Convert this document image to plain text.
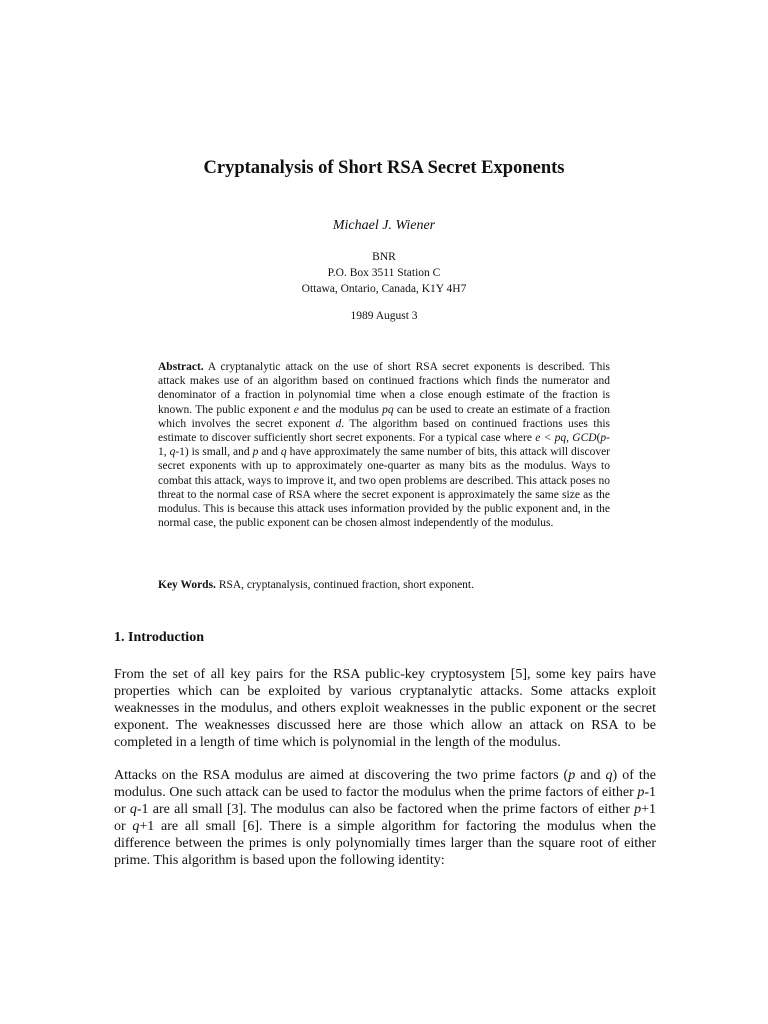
Cryptanalysis of Short RSA Secret Exponents
Michael J. Wiener
BNR
P.O. Box 3511 Station C
Ottawa, Ontario, Canada, K1Y 4H7
1989 August 3
Abstract. A cryptanalytic attack on the use of short RSA secret exponents is described. This attack makes use of an algorithm based on continued fractions which finds the numerator and denominator of a fraction in polynomial time when a close enough estimate of the fraction is known. The public exponent e and the modulus pq can be used to create an estimate of a fraction which involves the secret exponent d. The algorithm based on continued fractions uses this estimate to discover sufficiently short secret exponents. For a typical case where e < pq, GCD(p-1, q-1) is small, and p and q have approximately the same number of bits, this attack will discover secret exponents with up to approximately one-quarter as many bits as the modulus. Ways to combat this attack, ways to improve it, and two open problems are described. This attack poses no threat to the normal case of RSA where the secret exponent is approximately the same size as the modulus. This is because this attack uses information provided by the public exponent and, in the normal case, the public exponent can be chosen almost independently of the modulus.
Key Words. RSA, cryptanalysis, continued fraction, short exponent.
1. Introduction
From the set of all key pairs for the RSA public-key cryptosystem [5], some key pairs have properties which can be exploited by various cryptanalytic attacks. Some attacks exploit weaknesses in the modulus, and others exploit weaknesses in the public exponent or the secret exponent. The weaknesses discussed here are those which allow an attack on RSA to be completed in a length of time which is polynomial in the length of the modulus.
Attacks on the RSA modulus are aimed at discovering the two prime factors (p and q) of the modulus. One such attack can be used to factor the modulus when the prime factors of either p-1 or q-1 are all small [3]. The modulus can also be factored when the prime factors of either p+1 or q+1 are all small [6]. There is a simple algorithm for factoring the modulus when the difference between the primes is only polynomially times larger than the square root of either prime. This algorithm is based upon the following identity:
